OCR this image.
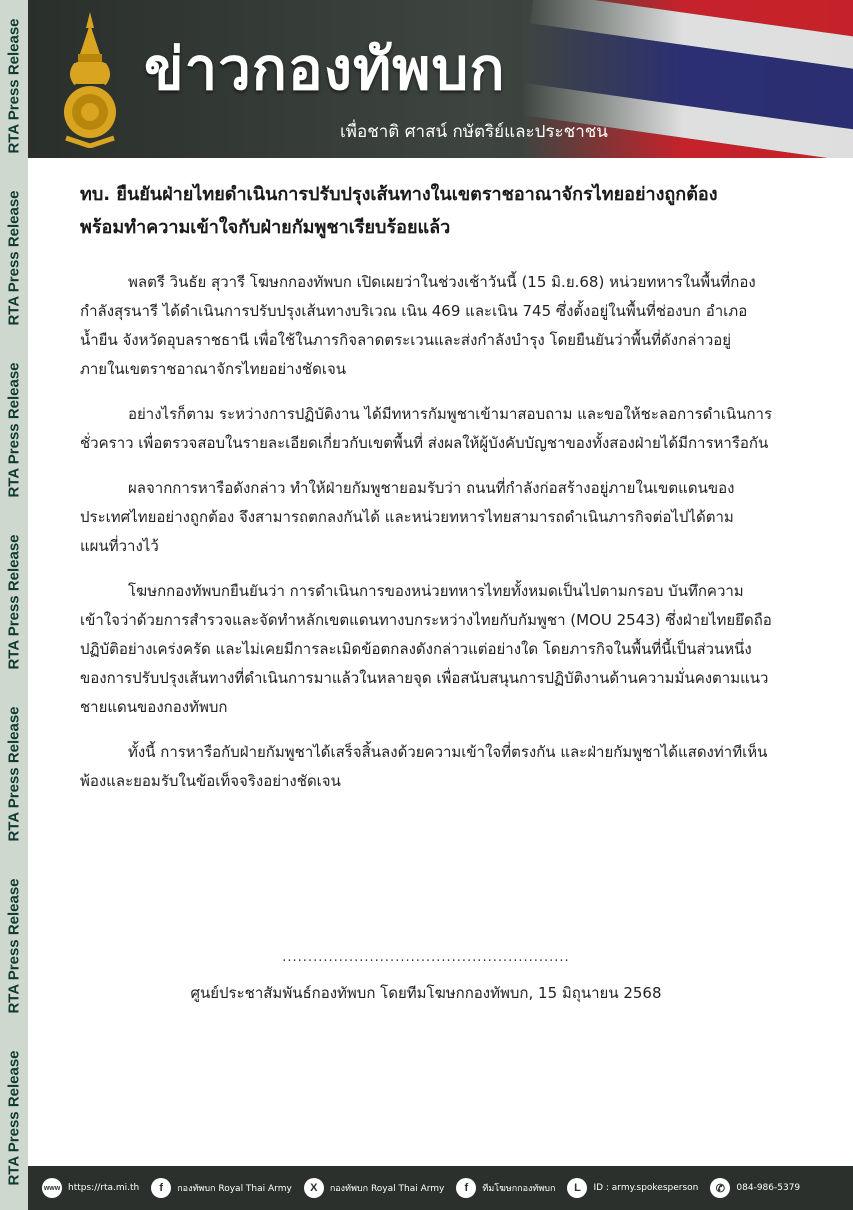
RTA Press Release
RTA Press Release
RTA Press Release
RTA Press Release
RTA Press Release
RTA Press Release
RTA Press Release
ข่าวกองทัพบก
เพื่อชาติ ศาสน์ กษัตริย์และประชาชน
ทบ. ยืนยันฝ่ายไทยดำเนินการปรับปรุงเส้นทางในเขตราชอาณาจักรไทยอย่างถูกต้อง
พร้อมทำความเข้าใจกับฝ่ายกัมพูชาเรียบร้อยแล้ว

พลตรี วินธัย สุวารี โฆษกกองทัพบก เปิดเผยว่าในช่วงเช้าวันนี้ (15 มิ.ย.68) หน่วยทหารในพื้นที่กองกำลังสุรนารี ได้ดำเนินการปรับปรุงเส้นทางบริเวณ เนิน 469 และเนิน 745 ซึ่งตั้งอยู่ในพื้นที่ช่องบก อำเภอน้ำยืน จังหวัดอุบลราชธานี เพื่อใช้ในภารกิจลาดตระเวนและส่งกำลังบำรุง โดยยืนยันว่าพื้นที่ดังกล่าวอยู่ภายในเขตราชอาณาจักรไทยอย่างชัดเจน

อย่างไรก็ตาม ระหว่างการปฏิบัติงาน ได้มีทหารกัมพูชาเข้ามาสอบถาม และขอให้ชะลอการดำเนินการชั่วคราว เพื่อตรวจสอบในรายละเอียดเกี่ยวกับเขตพื้นที่ ส่งผลให้ผู้บังคับบัญชาของทั้งสองฝ่ายได้มีการหารือกัน

ผลจากการหารือดังกล่าว ทำให้ฝ่ายกัมพูชายอมรับว่า ถนนที่กำลังก่อสร้างอยู่ภายในเขตแดนของประเทศไทยอย่างถูกต้อง จึงสามารถตกลงกันได้ และหน่วยทหารไทยสามารถดำเนินภารกิจต่อไปได้ตามแผนที่วางไว้

โฆษกกองทัพบกยืนยันว่า การดำเนินการของหน่วยทหารไทยทั้งหมดเป็นไปตามกรอบ บันทึกความเข้าใจว่าด้วยการสำรวจและจัดทำหลักเขตแดนทางบกระหว่างไทยกับกัมพูชา (MOU 2543) ซึ่งฝ่ายไทยยึดถือปฏิบัติอย่างเคร่งครัด และไม่เคยมีการละเมิดข้อตกลงดังกล่าวแต่อย่างใด โดยภารกิจในพื้นที่นี้เป็นส่วนหนึ่งของการปรับปรุงเส้นทางที่ดำเนินการมาแล้วในหลายจุด เพื่อสนับสนุนการปฏิบัติงานด้านความมั่นคงตามแนวชายแดนของกองทัพบก

ทั้งนี้ การหารือกับฝ่ายกัมพูชาได้เสร็จสิ้นลงด้วยความเข้าใจที่ตรงกัน และฝ่ายกัมพูชาได้แสดงท่าทีเห็นพ้องและยอมรับในข้อเท็จจริงอย่างชัดเจน

........................................................
ศูนย์ประชาสัมพันธ์กองทัพบก โดยทีมโฆษกกองทัพบก, 15 มิถุนายน 2568
www https://rta.mi.th	f	กองทัพบก Royal Thai Army	X	กองทัพบก Royal Thai Army	f	ทีมโฆษกกองทัพบก	L	ID : army.spokesperson	✆	084-986-5379
